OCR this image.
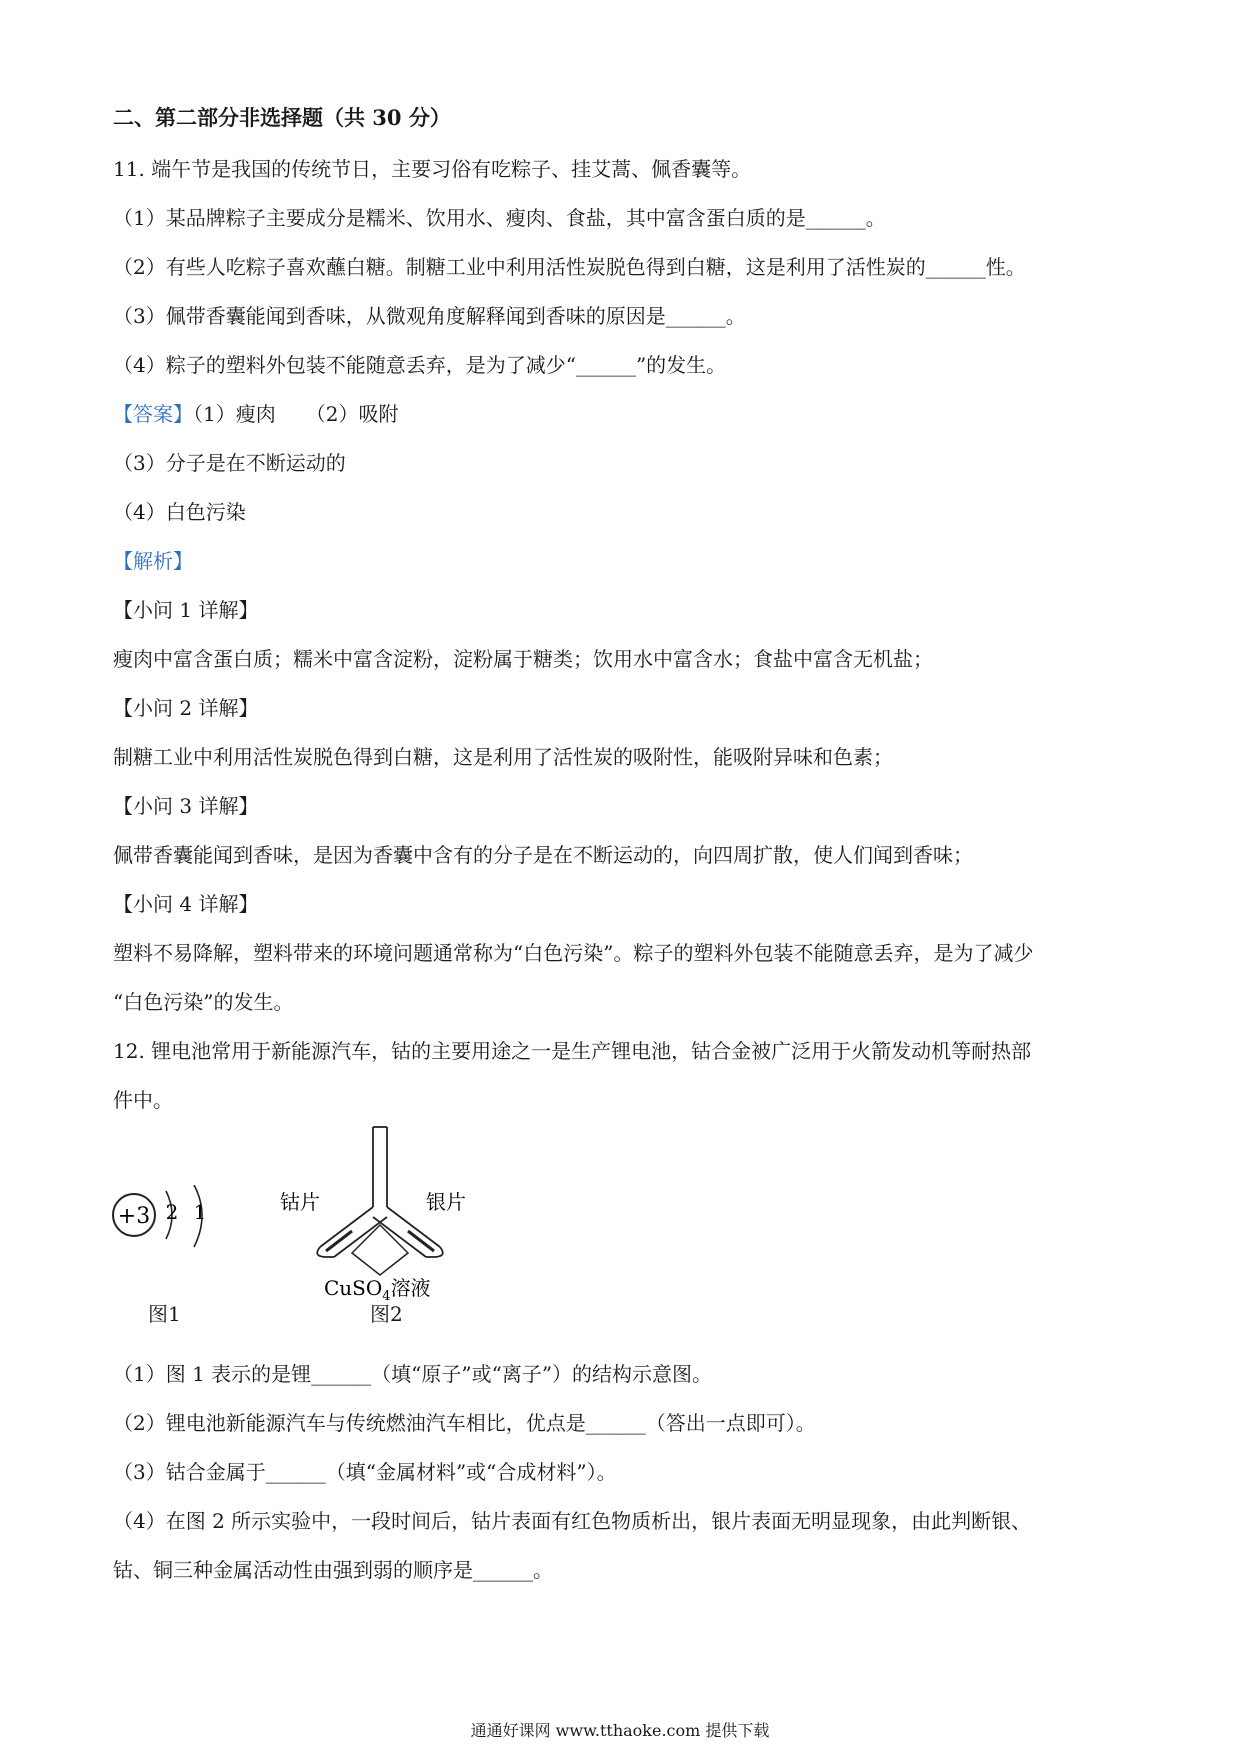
二、第二部分非选择题（共 30 分）
11. 端午节是我国的传统节日，主要习俗有吃粽子、挂艾蒿、佩香囊等。
（1）某品牌粽子主要成分是糯米、饮用水、瘦肉、食盐，其中富含蛋白质的是______。
（2）有些人吃粽子喜欢蘸白糖。制糖工业中利用活性炭脱色得到白糖，这是利用了活性炭的______性。
（3）佩带香囊能闻到香味，从微观角度解释闻到香味的原因是______。
（4）粽子的塑料外包装不能随意丢弃，是为了减少“______”的发生。
【答案】（1）瘦肉　　（2）吸附
（3）分子是在不断运动的
（4）白色污染
【解析】
【小问 1 详解】
瘦肉中富含蛋白质；糯米中富含淀粉，淀粉属于糖类；饮用水中富含水；食盐中富含无机盐；
【小问 2 详解】
制糖工业中利用活性炭脱色得到白糖，这是利用了活性炭的吸附性，能吸附异味和色素；
【小问 3 详解】
佩带香囊能闻到香味，是因为香囊中含有的分子是在不断运动的，向四周扩散，使人们闻到香味；
【小问 4 详解】
塑料不易降解，塑料带来的环境问题通常称为“白色污染”。粽子的塑料外包装不能随意丢弃，是为了减少
“白色污染”的发生。
12. 锂电池常用于新能源汽车，钴的主要用途之一是生产锂电池，钴合金被广泛用于火箭发动机等耐热部
件中。
+3 2 1
图1
钴片	银片
CuSO$_4$溶液
图2
（1）图 1 表示的是锂______（填“原子”或“离子”）的结构示意图。
（2）锂电池新能源汽车与传统燃油汽车相比，优点是______（答出一点即可）。
（3）钴合金属于______（填“金属材料”或“合成材料”）。
（4）在图 2 所示实验中，一段时间后，钴片表面有红色物质析出，银片表面无明显现象，由此判断银、
钴、铜三种金属活动性由强到弱的顺序是______。
通通好课网 www.tthaoke.com 提供下载
